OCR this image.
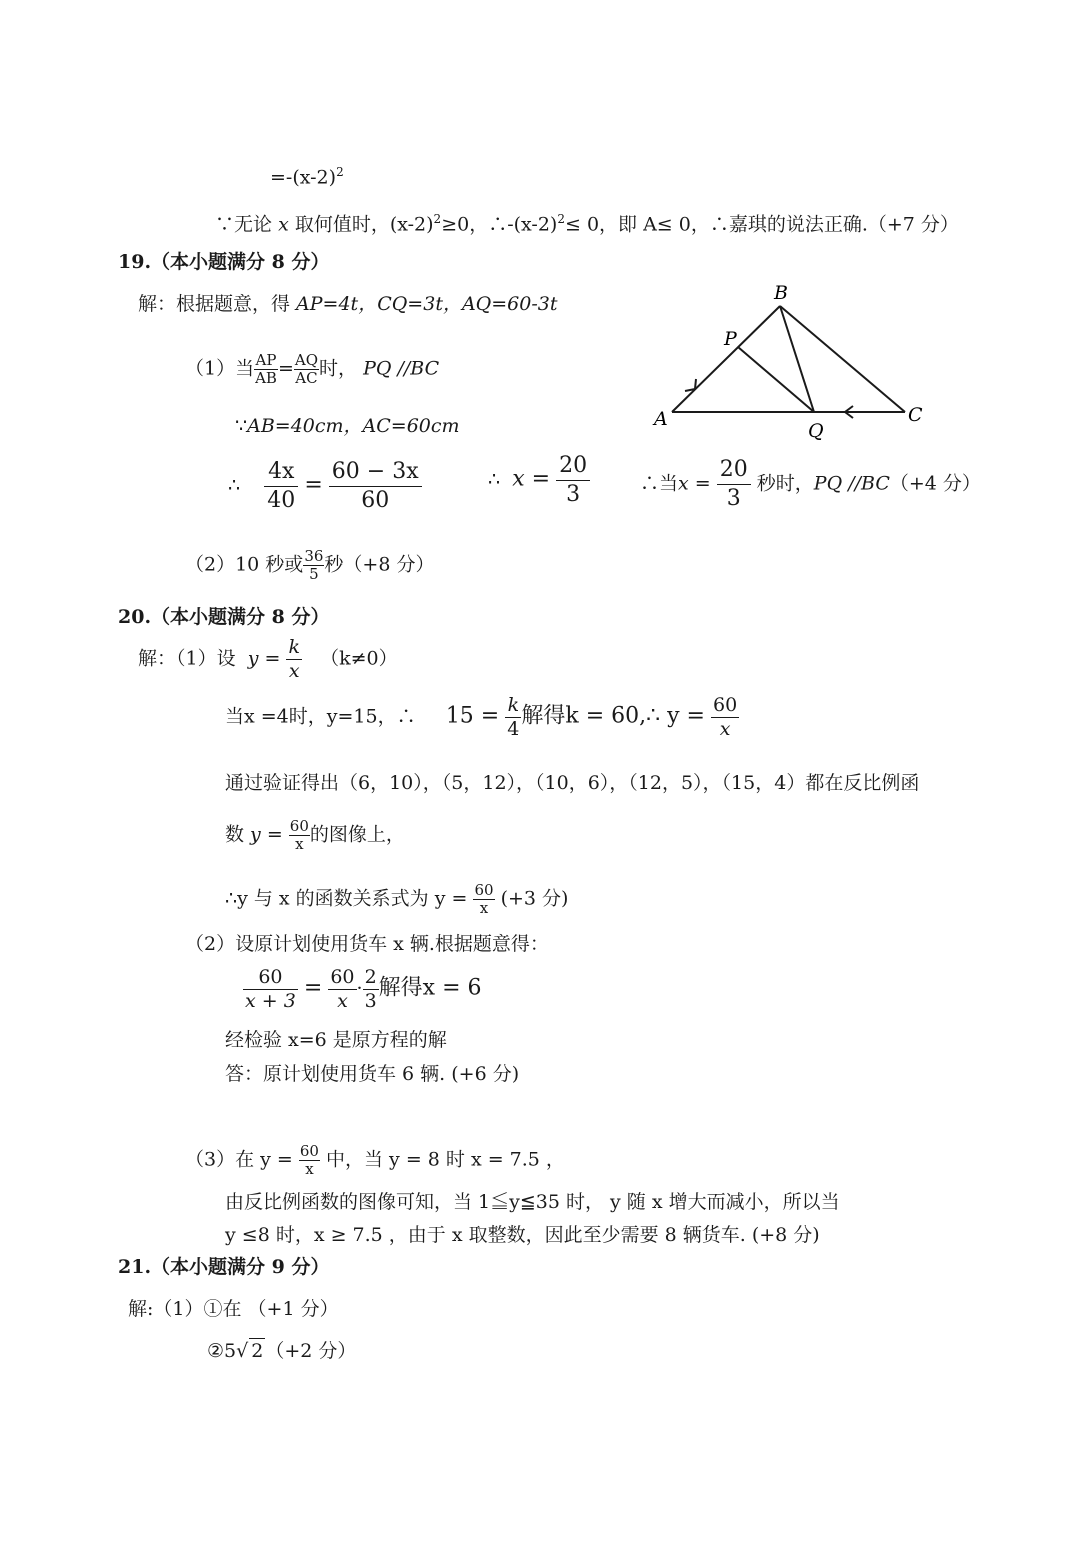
$=-(x-2)^2$
∵无论 x 取何值时，$(x-2)^2\ge 0$，$\therefore-(x-2)^2\le 0$，即 A≤ 0，∴嘉琪的说法正确.（+7 分）
19.（本小题满分 8 分）
解：根据题意，得 AP=4t，CQ=3t，AQ=60-3t
（1）当 $\frac{AP}{AB} = \frac{AQ}{AC}$ 时， PQ //BC
∵AB=40cm，AC=60cm
∴ $\frac{4x}{40} = \frac{60 - 3x}{60}$	∴ $x = \frac{20}{3}$	∴当$x = \frac{20}{3}$ 秒时，PQ //BC（+4 分）
（2）10 秒或 $\frac{36}{5}$ 秒（+8 分）
A
B
C
P
Q
20.（本小题满分 8 分）
解：（1）设 $y = \frac{k}{x} (k\ne 0)$
当x =4时，y=15，∴ $15 = \frac{k}{4}$ 解得k = 60,∴ $y = \frac{60}{x}$
通过验证得出（6，10），（5，12），（10，6），（12，5），（15，4）都在反比例函
数 $y = \frac{60}{x}$ 的图像上，
∴y 与 x 的函数关系式为 $y = \frac{60}{x} (+3$ 分)
（2）设原计划使用货车 x 辆.根据题意得：
$\frac{60}{x + 3} = \frac{60}{x} \cdot \frac{2}{3}$ 解得x = 6
经检验 x=6 是原方程的解
答：原计划使用货车 6 辆. (+6 分)
（3）在 $y = \frac{60}{x}$ 中，当 y = 8 时 x = 7.5 ，
由反比例函数的图像可知，当 1≦y≦35 时， y 随 x 增大而减小，所以当
y ≤8 时，x ≥ 7.5 ，由于 x 取整数，因此至少需要 8 辆货车. (+8 分)
21.（本小题满分 9 分）
解:（1）①在 （+1 分）
②5√ 2 （+2 分）
